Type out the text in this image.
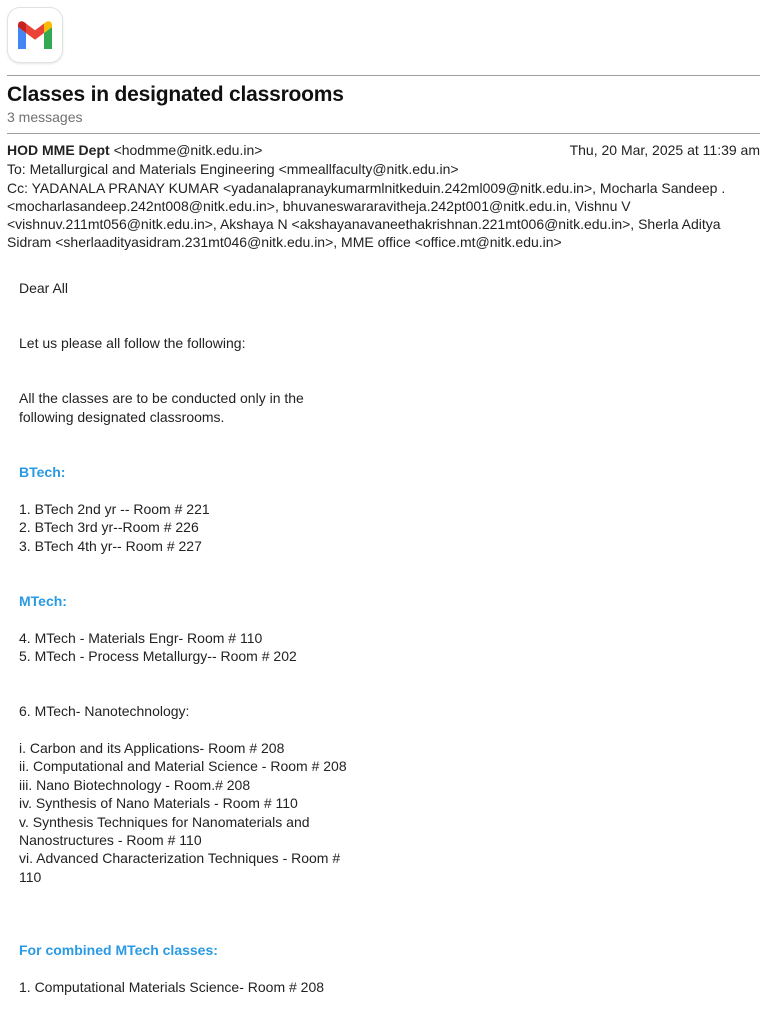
Classes in designated classrooms
3 messages
HOD MME Dept <hodmme@nitk.edu.in>	Thu, 20 Mar, 2025 at 11:39 am
To: Metallurgical and Materials Engineering <mmeallfaculty@nitk.edu.in>
Cc: YADANALA PRANAY KUMAR <yadanalapranaykumarmlnitkeduin.242ml009@nitk.edu.in>, Mocharla Sandeep . <mocharlasandeep.242nt008@nitk.edu.in>, bhuvaneswararavitheja.242pt001@nitk.edu.in, Vishnu V <vishnuv.211mt056@nitk.edu.in>, Akshaya N <akshayanavaneethakrishnan.221mt006@nitk.edu.in>, Sherla Aditya Sidram <sherlaadityasidram.231mt046@nitk.edu.in>, MME office <office.mt@nitk.edu.in>

Dear All

Let us please all follow the following:

All the classes are to be conducted only in the following designated classrooms.

BTech:

1. BTech 2nd yr -- Room # 221

2. BTech 3rd yr--Room # 226

3. BTech 4th yr-- Room # 227

MTech:

4. MTech - Materials Engr- Room # 110

5. MTech - Process Metallurgy-- Room # 202

6. MTech- Nanotechnology:

i. Carbon and its Applications- Room # 208

ii. Computational and Material Science - Room # 208

iii. Nano Biotechnology - Room.# 208

iv. Synthesis of Nano Materials - Room # 110

v. Synthesis Techniques for Nanomaterials and Nanostructures - Room # 110

vi. Advanced Characterization Techniques - Room # 110

For combined MTech classes:

1. Computational Materials Science- Room # 208
